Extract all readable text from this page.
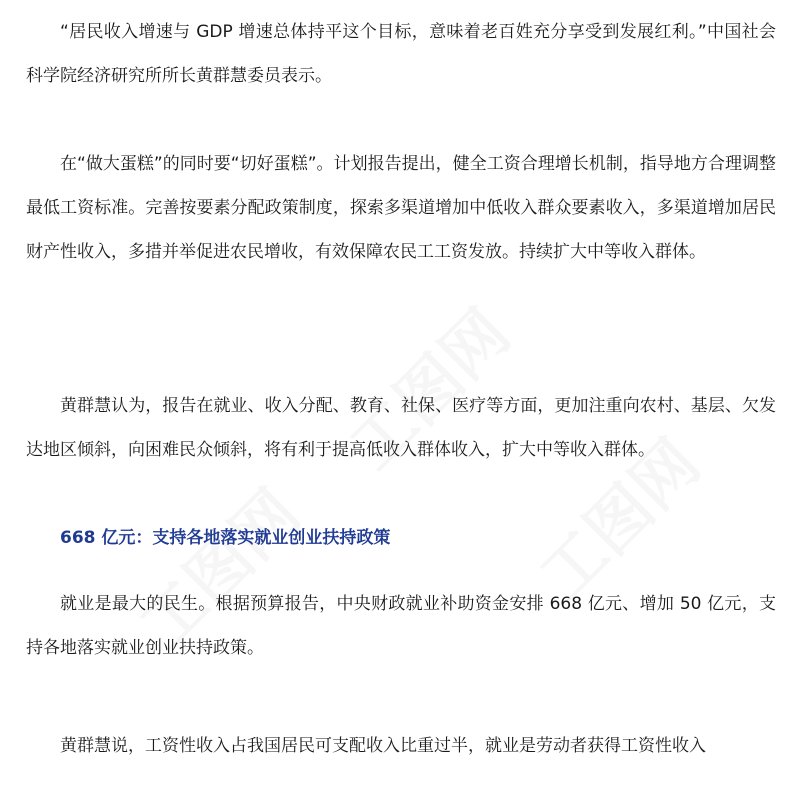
“居民收入增速与 GDP 增速总体持平这个目标，意味着老百姓充分享受到发展红利。”中国社会科学院经济研究所所长黄群慧委员表示。

在“做大蛋糕”的同时要“切好蛋糕”。计划报告提出，健全工资合理增长机制，指导地方合理调整最低工资标准。完善按要素分配政策制度，探索多渠道增加中低收入群众要素收入，多渠道增加居民财产性收入，多措并举促进农民增收，有效保障农民工工资发放。持续扩大中等收入群体。

黄群慧认为，报告在就业、收入分配、教育、社保、医疗等方面，更加注重向农村、基层、欠发达地区倾斜，向困难民众倾斜，将有利于提高低收入群体收入，扩大中等收入群体。

668 亿元：支持各地落实就业创业扶持政策

就业是最大的民生。根据预算报告，中央财政就业补助资金安排 668 亿元、增加 50 亿元，支持各地落实就业创业扶持政策。

黄群慧说，工资性收入占我国居民可支配收入比重过半，就业是劳动者获得工资性收入
